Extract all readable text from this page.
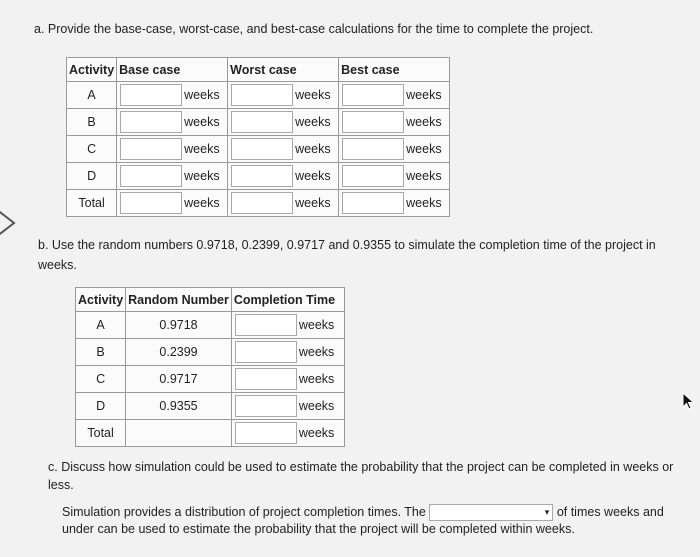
a. Provide the base-case, worst-case, and best-case calculations for the time to complete the project.
Activity	Base case	Worst case	Best case
A	weeks	weeks	weeks
B	weeks	weeks	weeks
C	weeks	weeks	weeks
D	weeks	weeks	weeks
Total	weeks	weeks	weeks
b. Use the random numbers 0.9718, 0.2399, 0.9717 and 0.9355 to simulate the completion time of the project in weeks.
Activity	Random Number	Completion Time
A	0.9718	weeks
B	0.2399	weeks
C	0.9717	weeks
D	0.9355	weeks
Total		weeks
c. Discuss how simulation could be used to estimate the probability that the project can be completed in weeks or less.
Simulation provides a distribution of project completion times. The	▾ of times weeks and
under can be used to estimate the probability that the project will be completed within weeks.
